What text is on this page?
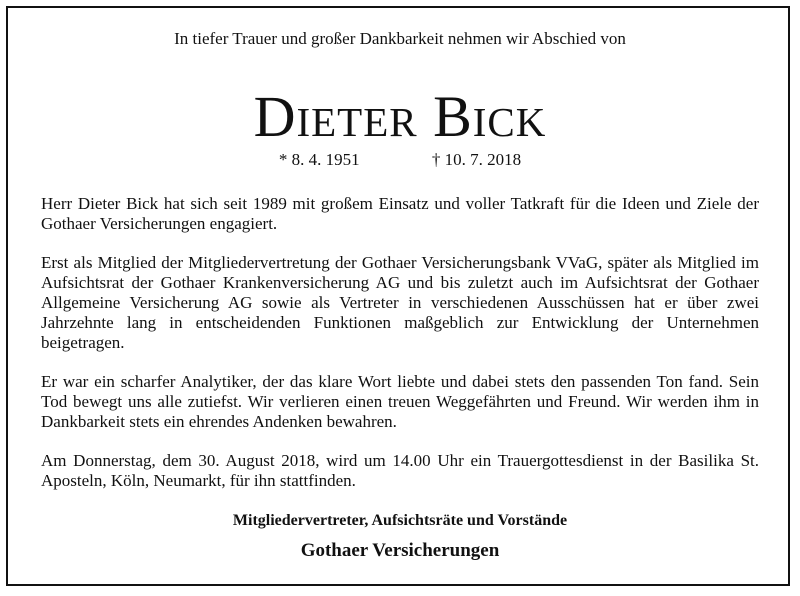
In tiefer Trauer und großer Dankbarkeit nehmen wir Abschied von
Dieter Bick
* 8. 4. 1951	† 10. 7. 2018

Herr Dieter Bick hat sich seit 1989 mit großem Einsatz und voller Tatkraft für die Ideen und Ziele der Gothaer Versicherungen engagiert.

Erst als Mitglied der Mitgliedervertretung der Gothaer Versicherungsbank VVaG, später als Mitglied im Aufsichtsrat der Gothaer Krankenversicherung AG und bis zuletzt auch im Aufsichtsrat der Gothaer Allgemeine Versicherung AG sowie als Vertreter in verschiedenen Ausschüssen hat er über zwei Jahrzehnte lang in entscheidenden Funktionen maßgeblich zur Entwicklung der Unternehmen beigetragen.

Er war ein scharfer Analytiker, der das klare Wort liebte und dabei stets den passenden Ton fand. Sein Tod bewegt uns alle zutiefst. Wir verlieren einen treuen Weggefährten und Freund. Wir werden ihm in Dankbarkeit stets ein ehrendes Andenken bewahren.

Am Donnerstag, dem 30. August 2018, wird um 14.00 Uhr ein Trauergottesdienst in der Basilika St. Aposteln, Köln, Neumarkt, für ihn stattfinden.

Mitgliedervertreter, Aufsichtsräte und Vorstände
Gothaer Versicherungen
